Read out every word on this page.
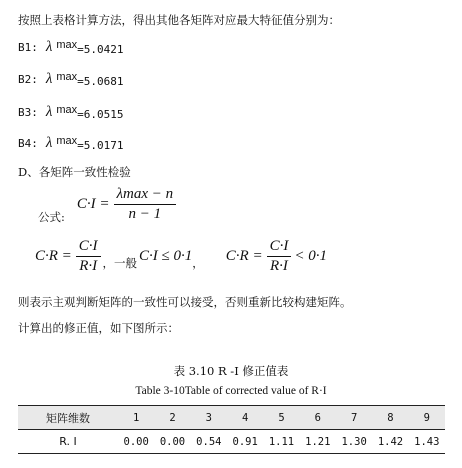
按照上表格计算方法，得出其他各矩阵对应最大特征值分别为：
B1: λ max =5.0421
B2: λ max =5.0681
B3: λ max =6.0515
B4: λ max =5.0171
D、各矩阵一致性检验
公式:
$C\cdot I = \frac{\lambda\max - n}{n - 1}$
$C\cdot R = \frac{C\cdot I}{R\cdot I}$ ，一般 C·I ≤ 0·1 ， $C\cdot R = \frac{C\cdot I}{R\cdot I} < 0\cdot 1$
则表示主观判断矩阵的一致性可以接受，否则重新比较构建矩阵。
计算出的修正值，如下图所示：
表 3.10 R -I 修正值表
Table 3-10Table of corrected value of R·I
矩阵维数	1	2	3	4	5	6	7	8	9
R. I	0.00	0.00	0.54	0.91	1.11	1.21	1.30	1.42	1.43
